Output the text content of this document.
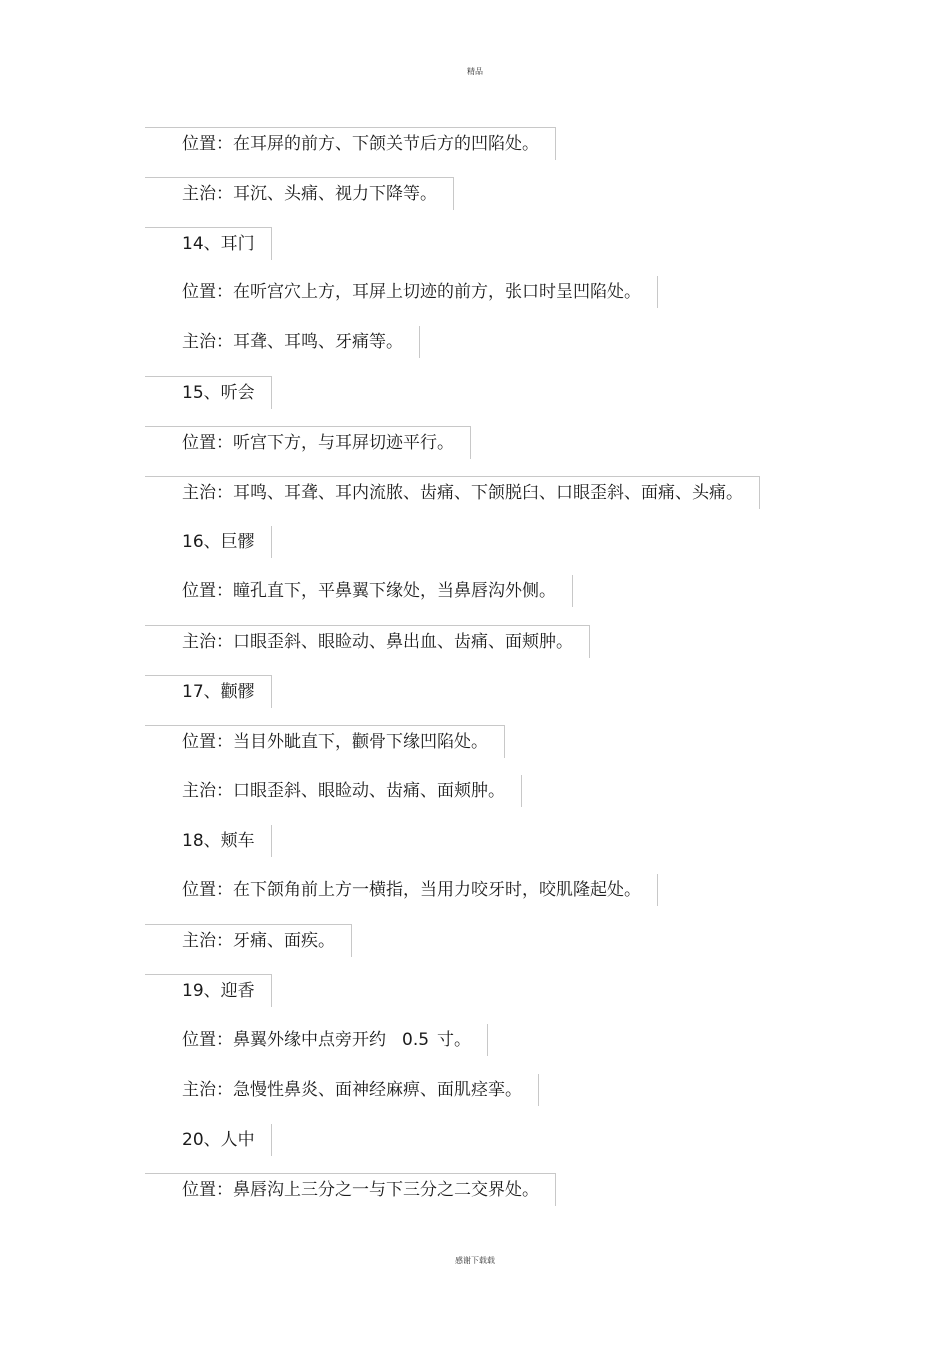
精品
位置：在耳屏的前方、下颌关节后方的凹陷处。
主治：耳沉、头痛、视力下降等。
14、耳门
位置：在听宫穴上方，耳屏上切迹的前方，张口时呈凹陷处。
主治：耳聋、耳鸣、牙痛等。
15、听会
位置：听宫下方，与耳屏切迹平行。
主治：耳鸣、耳聋、耳内流脓、齿痛、下颌脱臼、口眼歪斜、面痛、头痛。
16、巨髎
位置：瞳孔直下，平鼻翼下缘处，当鼻唇沟外侧。
主治：口眼歪斜、眼睑动、鼻出血、齿痛、面颊肿。
17、颧髎
位置：当目外眦直下，颧骨下缘凹陷处。
主治：口眼歪斜、眼睑动、齿痛、面颊肿。
18、颊车
位置：在下颌角前上方一横指，当用力咬牙时，咬肌隆起处。
主治：牙痛、面疾。
19、迎香
位置：鼻翼外缘中点旁开约 0.5 寸。
主治：急慢性鼻炎、面神经麻痹、面肌痉挛。
20、人中
位置：鼻唇沟上三分之一与下三分之二交界处。
感谢下载载
